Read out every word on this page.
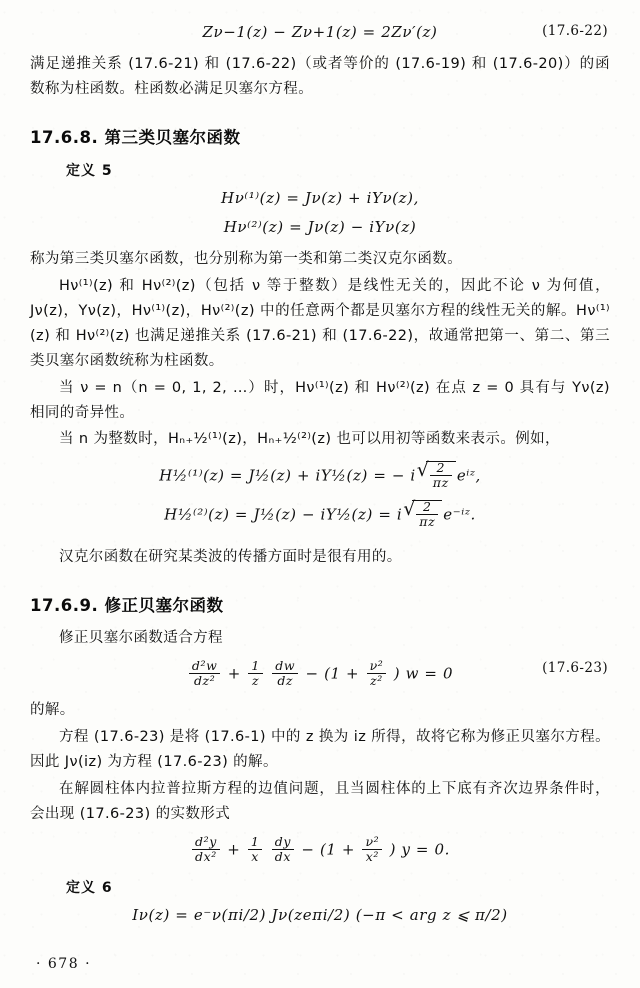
Zν−1(z) − Zν+1(z) = 2Zν′(z)	(17.6-22)

满足递推关系 (17.6-21) 和 (17.6-22)（或者等价的 (17.6-19) 和 (17.6-20)）的函数称为柱函数。柱函数必满足贝塞尔方程。

17.6.8. 第三类贝塞尔函数
定义 5
Hν⁽¹⁾(z) = Jν(z) + iYν(z),
Hν⁽²⁾(z) = Jν(z) − iYν(z)

称为第三类贝塞尔函数，也分别称为第一类和第二类汉克尔函数。

Hν⁽¹⁾(z) 和 Hν⁽²⁾(z)（包括 ν 等于整数）是线性无关的，因此不论 ν 为何值，Jν(z)，Yν(z)，Hν⁽¹⁾(z)，Hν⁽²⁾(z) 中的任意两个都是贝塞尔方程的线性无关的解。Hν⁽¹⁾(z) 和 Hν⁽²⁾(z) 也满足递推关系 (17.6-21) 和 (17.6-22)，故通常把第一、第二、第三类贝塞尔函数统称为柱函数。

当 ν = n（n = 0, 1, 2, …）时，Hν⁽¹⁾(z) 和 Hν⁽²⁾(z) 在点 z = 0 具有与 Yν(z) 相同的奇异性。

当 n 为整数时，Hₙ₊½⁽¹⁾(z)，Hₙ₊½⁽²⁾(z) 也可以用初等函数来表示。例如，

H½⁽¹⁾(z) = J½(z) + iY½(z) = − i √ $\frac{2}{\pi z}$ eⁱᶻ,
H½⁽²⁾(z) = J½(z) − iY½(z) = i √ $\frac{2}{\pi z}$ e⁻ⁱᶻ.

汉克尔函数在研究某类波的传播方面时是很有用的。

17.6.9. 修正贝塞尔函数

修正贝塞尔函数适合方程

$\frac{\text{d²w}}{\text{dz²}} + \frac{1}{z}$
$\frac{dw}{dz} - (1 + \frac{\text{ν²}}{\text{z²}}$ ) w = 0	(17.6-23)

的解。

方程 (17.6-23) 是将 (17.6-1) 中的 z 换为 iz 所得，故将它称为修正贝塞尔方程。因此 Jν(iz) 为方程 (17.6-23) 的解。

在解圆柱体内拉普拉斯方程的边值问题，且当圆柱体的上下底有齐次边界条件时，会出现 (17.6-23) 的实数形式

$\frac{\text{d²y}}{\text{dx²}} + \frac{1}{x}$
$\frac{dy}{dx} - (1 + \frac{\text{ν²}}{\text{x²}}$ ) y = 0.
定义 6
Iν(z) = e⁻ν(πi/2) Jν(zeπi/2) (−π < arg z ⩽ π/2)
· 678 ·
